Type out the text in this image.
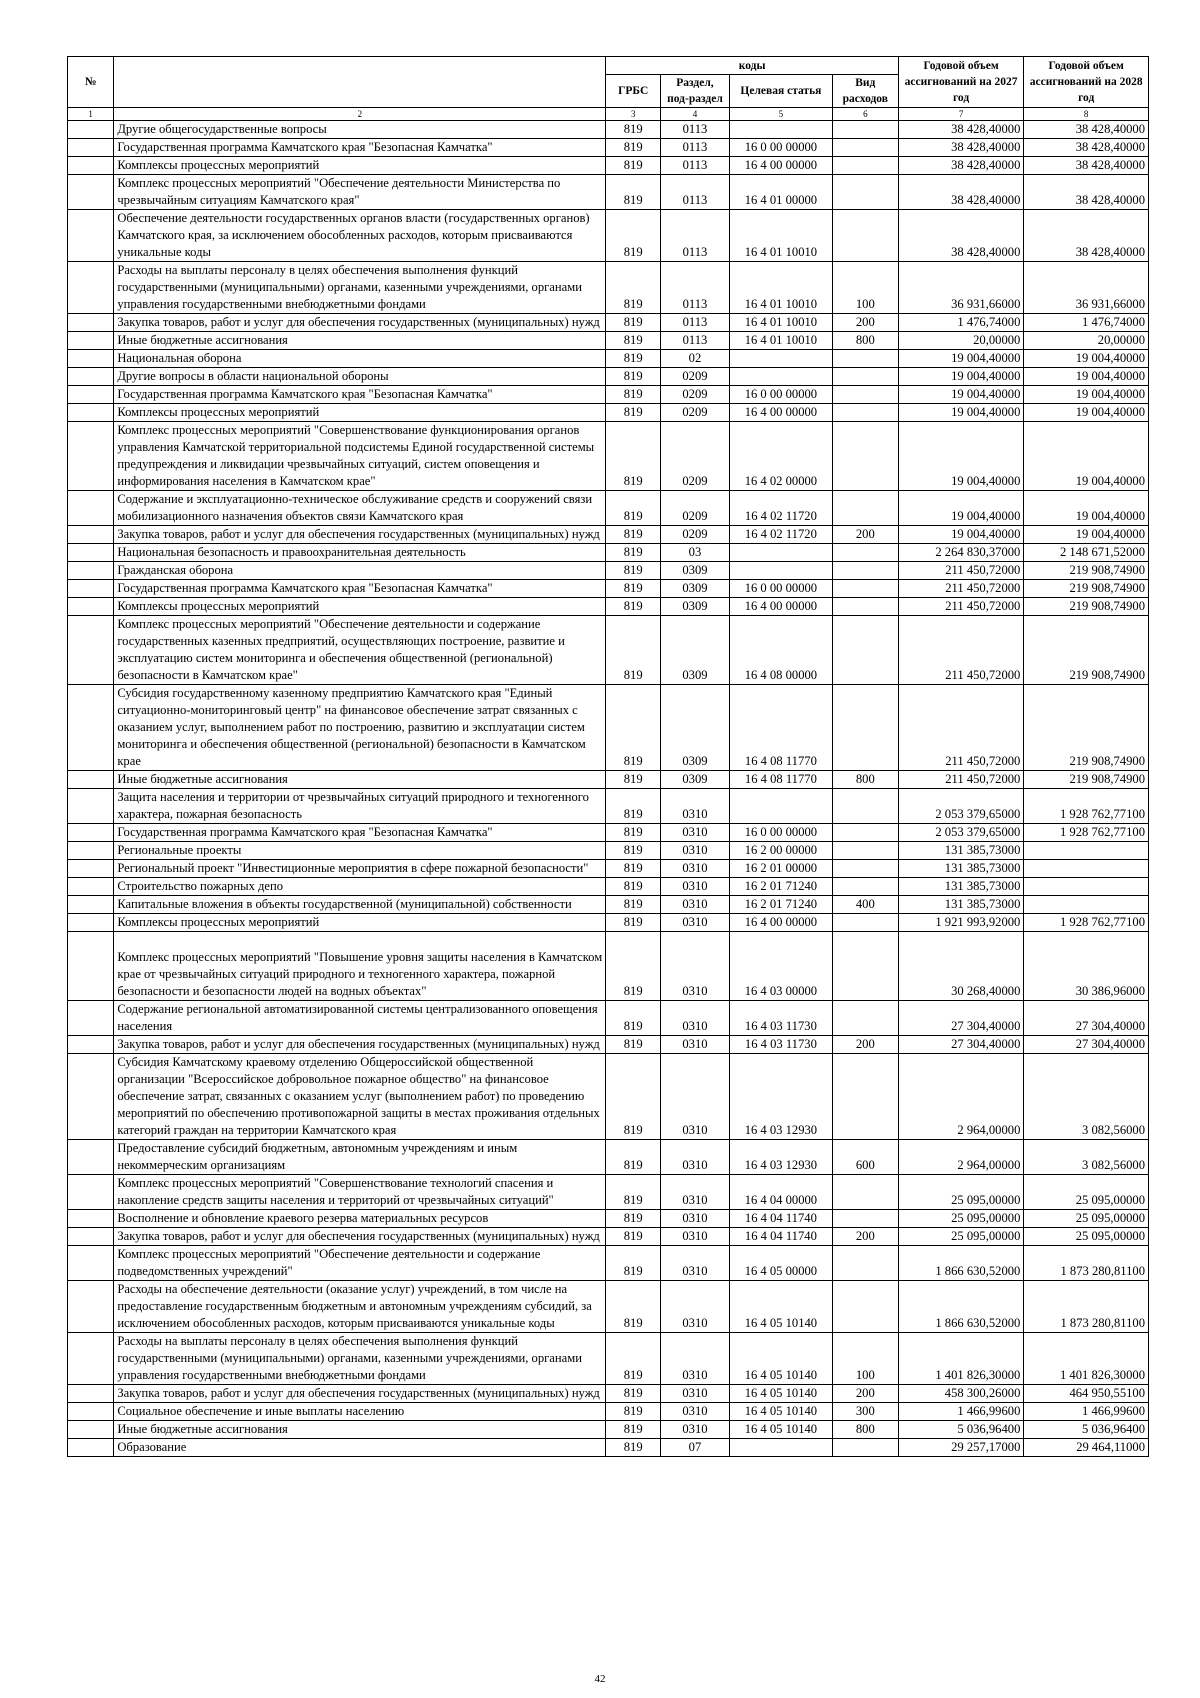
№		коды				Годовой объем ассигнований на 2027 год	Годовой объем ассигнований на 2028 год
		ГРБС	Раздел, под-раздел	Целевая статья	Вид расходов		
1	2	3	4	5	6	7	8
	Другие общегосударственные вопросы	819	0113			38 428,40000	38 428,40000
	Государственная программа Камчатского края "Безопасная Камчатка"	819	0113	16 0 00 00000		38 428,40000	38 428,40000
	Комплексы процессных мероприятий	819	0113	16 4 00 00000		38 428,40000	38 428,40000
	Комплекс процессных мероприятий "Обеспечение деятельности Министерства по чрезвычайным ситуациям Камчатского края"	819	0113	16 4 01 00000		38 428,40000	38 428,40000
	Обеспечение деятельности государственных органов власти (государственных органов) Камчатского края, за исключением обособленных расходов, которым присваиваются уникальные коды	819	0113	16 4 01 10010		38 428,40000	38 428,40000
	Расходы на выплаты персоналу в целях обеспечения выполнения функций государственными (муниципальными) органами, казенными учреждениями, органами управления государственными внебюджетными фондами	819	0113	16 4 01 10010	100	36 931,66000	36 931,66000
	Закупка товаров, работ и услуг для обеспечения государственных (муниципальных) нужд	819	0113	16 4 01 10010	200	1 476,74000	1 476,74000
	Иные бюджетные ассигнования	819	0113	16 4 01 10010	800	20,00000	20,00000
	Национальная оборона	819	02			19 004,40000	19 004,40000
	Другие вопросы в области национальной обороны	819	0209			19 004,40000	19 004,40000
	Государственная программа Камчатского края "Безопасная Камчатка"	819	0209	16 0 00 00000		19 004,40000	19 004,40000
	Комплексы процессных мероприятий	819	0209	16 4 00 00000		19 004,40000	19 004,40000
	Комплекс процессных мероприятий "Совершенствование функционирования органов управления Камчатской территориальной подсистемы Единой государственной системы предупреждения и ликвидации чрезвычайных ситуаций, систем оповещения и информирования населения в Камчатском крае"	819	0209	16 4 02 00000		19 004,40000	19 004,40000
	Содержание и эксплуатационно-техническое обслуживание средств и сооружений связи мобилизационного назначения объектов связи Камчатского края	819	0209	16 4 02 11720		19 004,40000	19 004,40000
	Закупка товаров, работ и услуг для обеспечения государственных (муниципальных) нужд	819	0209	16 4 02 11720	200	19 004,40000	19 004,40000
	Национальная безопасность и правоохранительная деятельность	819	03			2 264 830,37000	2 148 671,52000
	Гражданская оборона	819	0309			211 450,72000	219 908,74900
	Государственная программа Камчатского края "Безопасная Камчатка"	819	0309	16 0 00 00000		211 450,72000	219 908,74900
	Комплексы процессных мероприятий	819	0309	16 4 00 00000		211 450,72000	219 908,74900
	Комплекс процессных мероприятий "Обеспечение деятельности и содержание государственных казенных предприятий, осуществляющих построение, развитие и эксплуатацию систем мониторинга и обеспечения общественной (региональной) безопасности в Камчатском крае"	819	0309	16 4 08 00000		211 450,72000	219 908,74900
	Субсидия государственному казенному предприятию Камчатского края "Единый ситуационно-мониторинговый центр" на финансовое обеспечение затрат связанных с оказанием услуг, выполнением работ по построению, развитию и эксплуатации систем мониторинга и обеспечения общественной (региональной) безопасности в Камчатском крае	819	0309	16 4 08 11770		211 450,72000	219 908,74900
	Иные бюджетные ассигнования	819	0309	16 4 08 11770	800	211 450,72000	219 908,74900
	Защита населения и территории от чрезвычайных ситуаций природного и техногенного характера, пожарная безопасность	819	0310			2 053 379,65000	1 928 762,77100
	Государственная программа Камчатского края "Безопасная Камчатка"	819	0310	16 0 00 00000		2 053 379,65000	1 928 762,77100
	Региональные проекты	819	0310	16 2 00 00000		131 385,73000	
	Региональный проект "Инвестиционные мероприятия в сфере пожарной безопасности"	819	0310	16 2 01 00000		131 385,73000	
	Строительство пожарных депо	819	0310	16 2 01 71240		131 385,73000	
	Капитальные вложения в объекты государственной (муниципальной) собственности	819	0310	16 2 01 71240	400	131 385,73000	
	Комплексы процессных мероприятий	819	0310	16 4 00 00000		1 921 993,92000	1 928 762,77100
	Комплекс процессных мероприятий "Повышение уровня защиты населения в Камчатском крае от чрезвычайных ситуаций природного и техногенного характера, пожарной безопасности и безопасности людей на водных объектах"	819	0310	16 4 03 00000		30 268,40000	30 386,96000
	Содержание региональной автоматизированной системы централизованного оповещения населения	819	0310	16 4 03 11730		27 304,40000	27 304,40000
	Закупка товаров, работ и услуг для обеспечения государственных (муниципальных) нужд	819	0310	16 4 03 11730	200	27 304,40000	27 304,40000
	Субсидия Камчатскому краевому отделению Общероссийской общественной организации "Всероссийское добровольное пожарное общество" на финансовое обеспечение затрат, связанных с оказанием услуг (выполнением работ) по проведению мероприятий по обеспечению противопожарной защиты в местах проживания отдельных категорий граждан на территории Камчатского края	819	0310	16 4 03 12930		2 964,00000	3 082,56000
	Предоставление субсидий бюджетным, автономным учреждениям и иным некоммерческим организациям	819	0310	16 4 03 12930	600	2 964,00000	3 082,56000
	Комплекс процессных мероприятий "Совершенствование технологий спасения и накопление средств защиты населения и территорий от чрезвычайных ситуаций"	819	0310	16 4 04 00000		25 095,00000	25 095,00000
	Восполнение и обновление краевого резерва материальных ресурсов	819	0310	16 4 04 11740		25 095,00000	25 095,00000
	Закупка товаров, работ и услуг для обеспечения государственных (муниципальных) нужд	819	0310	16 4 04 11740	200	25 095,00000	25 095,00000
	Комплекс процессных мероприятий "Обеспечение деятельности и содержание подведомственных учреждений"	819	0310	16 4 05 00000		1 866 630,52000	1 873 280,81100
	Расходы на обеспечение деятельности (оказание услуг) учреждений, в том числе на предоставление государственным бюджетным и автономным учреждениям субсидий, за исключением обособленных расходов, которым присваиваются уникальные коды	819	0310	16 4 05 10140		1 866 630,52000	1 873 280,81100
	Расходы на выплаты персоналу в целях обеспечения выполнения функций государственными (муниципальными) органами, казенными учреждениями, органами управления государственными внебюджетными фондами	819	0310	16 4 05 10140	100	1 401 826,30000	1 401 826,30000
	Закупка товаров, работ и услуг для обеспечения государственных (муниципальных) нужд	819	0310	16 4 05 10140	200	458 300,26000	464 950,55100
	Социальное обеспечение и иные выплаты населению	819	0310	16 4 05 10140	300	1 466,99600	1 466,99600
	Иные бюджетные ассигнования	819	0310	16 4 05 10140	800	5 036,96400	5 036,96400
	Образование	819	07			29 257,17000	29 464,11000
42
